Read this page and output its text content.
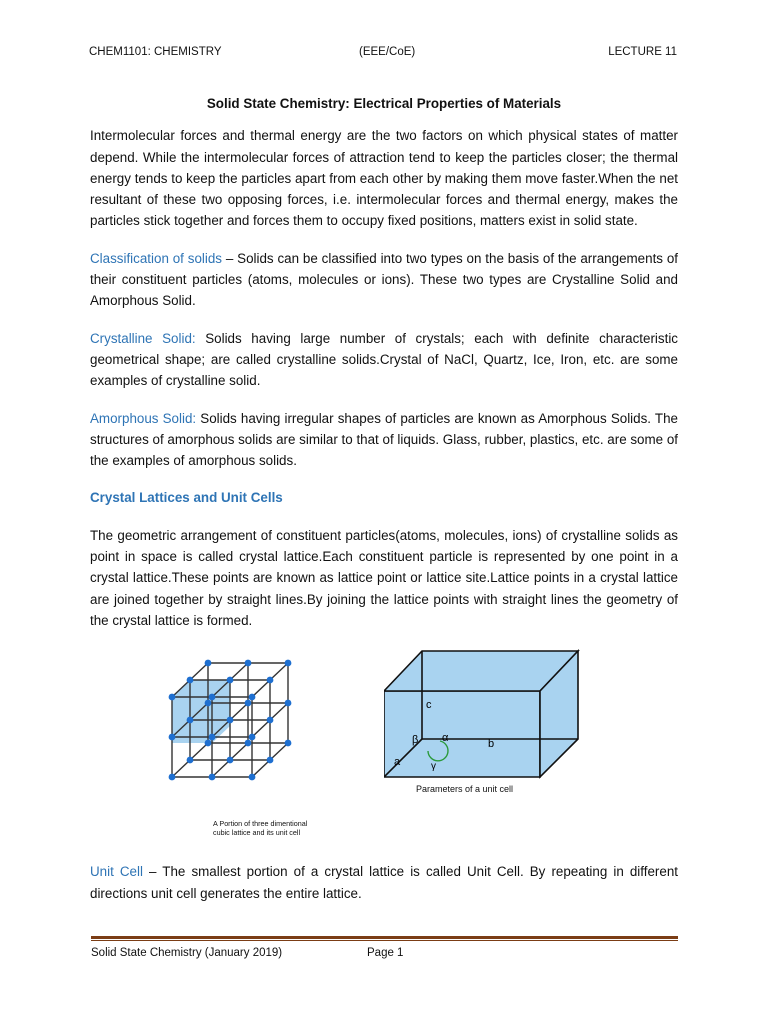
CHEM1101: CHEMISTRY	(EEE/CoE)	LECTURE 11
Solid State Chemistry: Electrical Properties of Materials

Intermolecular forces and thermal energy are the two factors on which physical states of matter depend. While the intermolecular forces of attraction tend to keep the particles closer; the thermal energy tends to keep the particles apart from each other by making them move faster.When the net resultant of these two opposing forces, i.e. intermolecular forces and thermal energy, makes the particles stick together and forces them to occupy fixed positions, matters exist in solid state.

Classification of solids – Solids can be classified into two types on the basis of the arrangements of their constituent particles (atoms, molecules or ions). These two types are Crystalline Solid and Amorphous Solid.

Crystalline Solid: Solids having large number of crystals; each with definite characteristic geometrical shape; are called crystalline solids.Crystal of NaCl, Quartz, Ice, Iron, etc. are some examples of crystalline solid.

Amorphous Solid: Solids having irregular shapes of particles are known as Amorphous Solids. The structures of amorphous solids are similar to that of liquids. Glass, rubber, plastics, etc. are some of the examples of amorphous solids.

Crystal Lattices and Unit Cells

The geometric arrangement of constituent particles(atoms, molecules, ions) of crystalline solids as point in space is called crystal lattice.Each constituent particle is represented by one point in a crystal lattice.These points are known as lattice point or lattice site.Lattice points in a crystal lattice are joined together by straight lines.By joining the lattice points with straight lines the geometry of the crystal lattice is formed.

A Portion of three dimentional
cubic lattice and its unit cell
c
β α	b
a	γ
Parameters of a unit cell

Unit Cell – The smallest portion of a crystal lattice is called Unit Cell. By repeating in different directions unit cell generates the entire lattice.

Solid State Chemistry (January 2019)	Page 1
